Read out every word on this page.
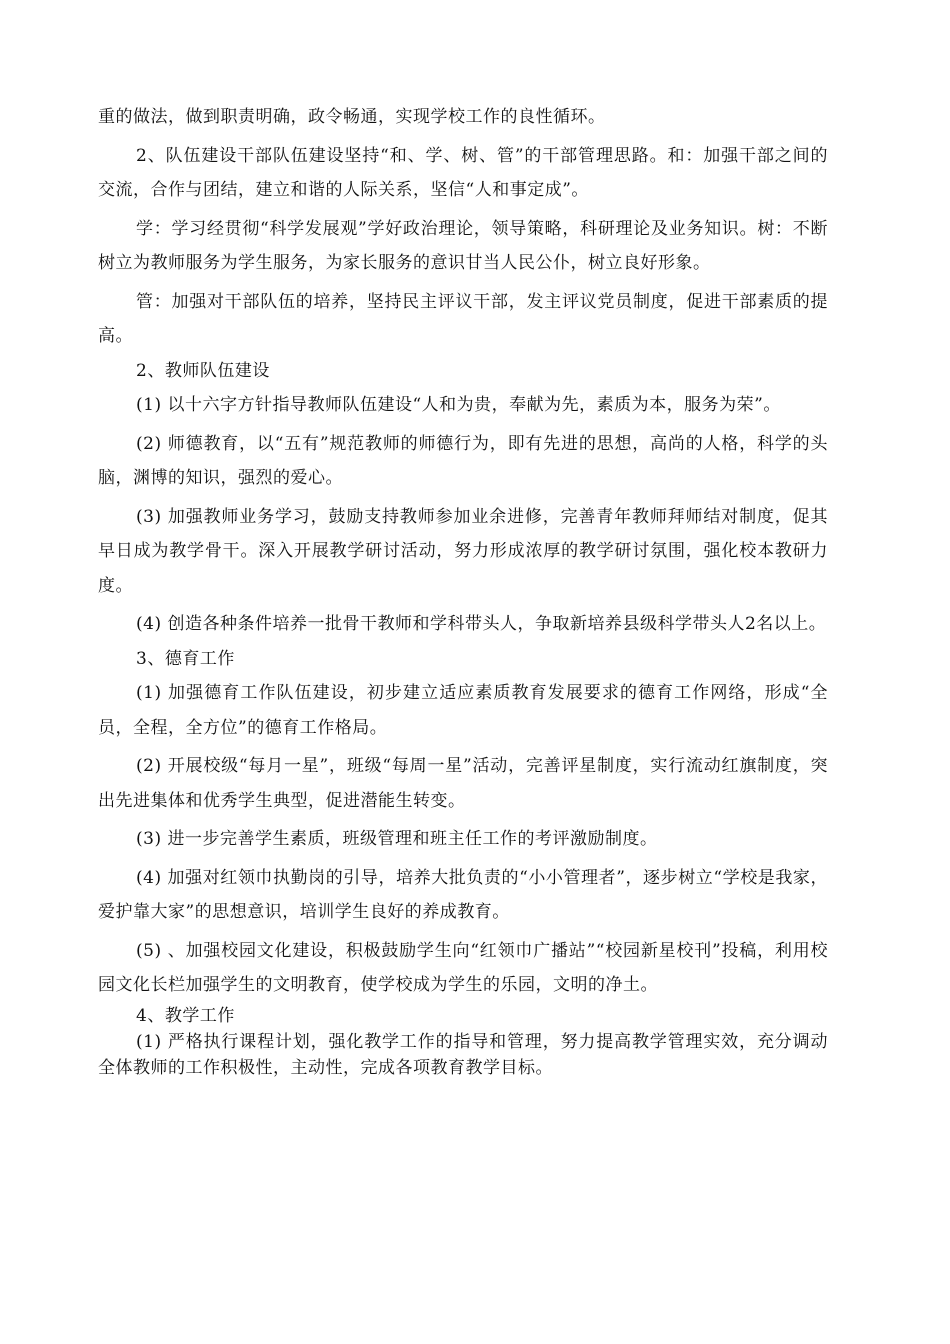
重的做法，做到职责明确，政令畅通，实现学校工作的良性循环。

2、队伍建设干部队伍建设坚持“和、学、树、管”的干部管理思路。和：加强干部之间的交流，合作与团结，建立和谐的人际关系，坚信“人和事定成”。

学：学习经贯彻“科学发展观”学好政治理论，领导策略，科研理论及业务知识。树：不断树立为教师服务为学生服务，为家长服务的意识甘当人民公仆，树立良好形象。

管：加强对干部队伍的培养，坚持民主评议干部，发主评议党员制度，促进干部素质的提高。

2、教师队伍建设

(1) 以十六字方针指导教师队伍建设“人和为贵，奉献为先，素质为本，服务为荣”。

(2) 师德教育，以“五有”规范教师的师德行为，即有先进的思想，高尚的人格，科学的头脑，渊博的知识，强烈的爱心。

(3) 加强教师业务学习，鼓励支持教师参加业余进修，完善青年教师拜师结对制度，促其早日成为教学骨干。深入开展教学研讨活动，努力形成浓厚的教学研讨氛围，强化校本教研力度。

(4) 创造各种条件培养一批骨干教师和学科带头人，争取新培养县级科学带头人2名以上。

3、德育工作

(1) 加强德育工作队伍建设，初步建立适应素质教育发展要求的德育工作网络，形成“全员，全程，全方位”的德育工作格局。

(2) 开展校级“每月一星”，班级“每周一星”活动，完善评星制度，实行流动红旗制度，突出先进集体和优秀学生典型，促进潜能生转变。

(3) 进一步完善学生素质，班级管理和班主任工作的考评激励制度。

(4) 加强对红领巾执勤岗的引导，培养大批负责的“小小管理者”，逐步树立“学校是我家，爱护靠大家”的思想意识，培训学生良好的养成教育。

(5) 、加强校园文化建设，积极鼓励学生向“红领巾广播站”“校园新星校刊”投稿，利用校园文化长栏加强学生的文明教育，使学校成为学生的乐园，文明的净土。

4、教学工作

(1) 严格执行课程计划，强化教学工作的指导和管理，努力提高教学管理实效，充分调动全体教师的工作积极性，主动性，完成各项教育教学目标。
